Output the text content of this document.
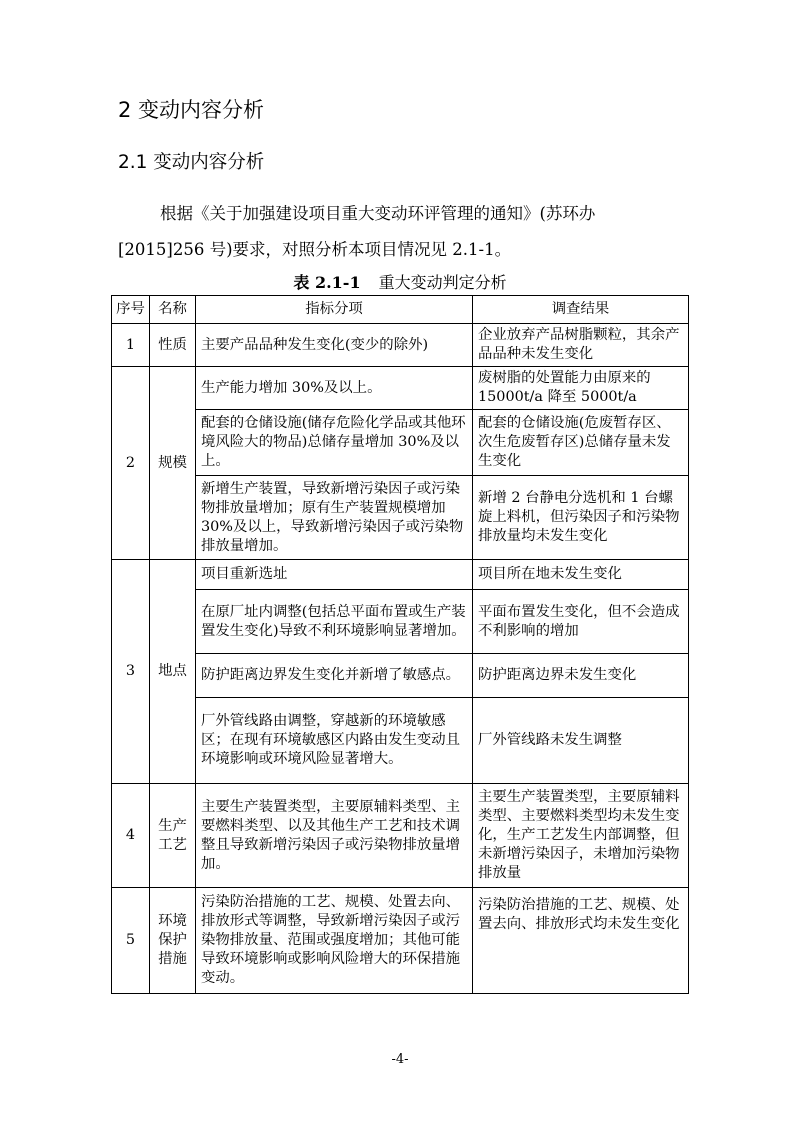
2 变动内容分析
2.1 变动内容分析
根据《关于加强建设项目重大变动环评管理的通知》(苏环办
[2015]256 号)要求，对照分析本项目情况见 2.1-1。
表 2.1-1 重大变动判定分析
序号	名称	指标分项	调查结果
1	性质	主要产品品种发生变化(变少的除外)	企业放弃产品树脂颗粒，其余产品品种未发生变化
2	规模	生产能力增加 30%及以上。	废树脂的处置能力由原来的 15000t/a 降至 5000t/a
		配套的仓储设施(储存危险化学品或其他环境风险大的物品)总储存量增加 30%及以上。	配套的仓储设施(危废暂存区、次生危废暂存区)总储存量未发生变化
		新增生产装置，导致新增污染因子或污染物排放量增加；原有生产装置规模增加 30%及以上，导致新增污染因子或污染物排放量增加。	新增 2 台静电分选机和 1 台螺旋上料机，但污染因子和污染物排放量均未发生变化
3	地点	项目重新选址	项目所在地未发生变化
		在原厂址内调整(包括总平面布置或生产装置发生变化)导致不利环境影响显著增加。	平面布置发生变化，但不会造成不利影响的增加
		防护距离边界发生变化并新增了敏感点。	防护距离边界未发生变化
		厂外管线路由调整，穿越新的环境敏感区；在现有环境敏感区内路由发生变动且环境影响或环境风险显著增大。	厂外管线路未发生调整
4	生产工艺	主要生产装置类型，主要原辅料类型、主要燃料类型、以及其他生产工艺和技术调整且导致新增污染因子或污染物排放量增加。	主要生产装置类型，主要原辅料类型、主要燃料类型均未发生变化，生产工艺发生内部调整，但未新增污染因子，未增加污染物排放量
5	环境保护措施	污染防治措施的工艺、规模、处置去向、排放形式等调整，导致新增污染因子或污染物排放量、范围或强度增加；其他可能导致环境影响或影响风险增大的环保措施变动。	污染防治措施的工艺、规模、处置去向、排放形式均未发生变化
-4-
